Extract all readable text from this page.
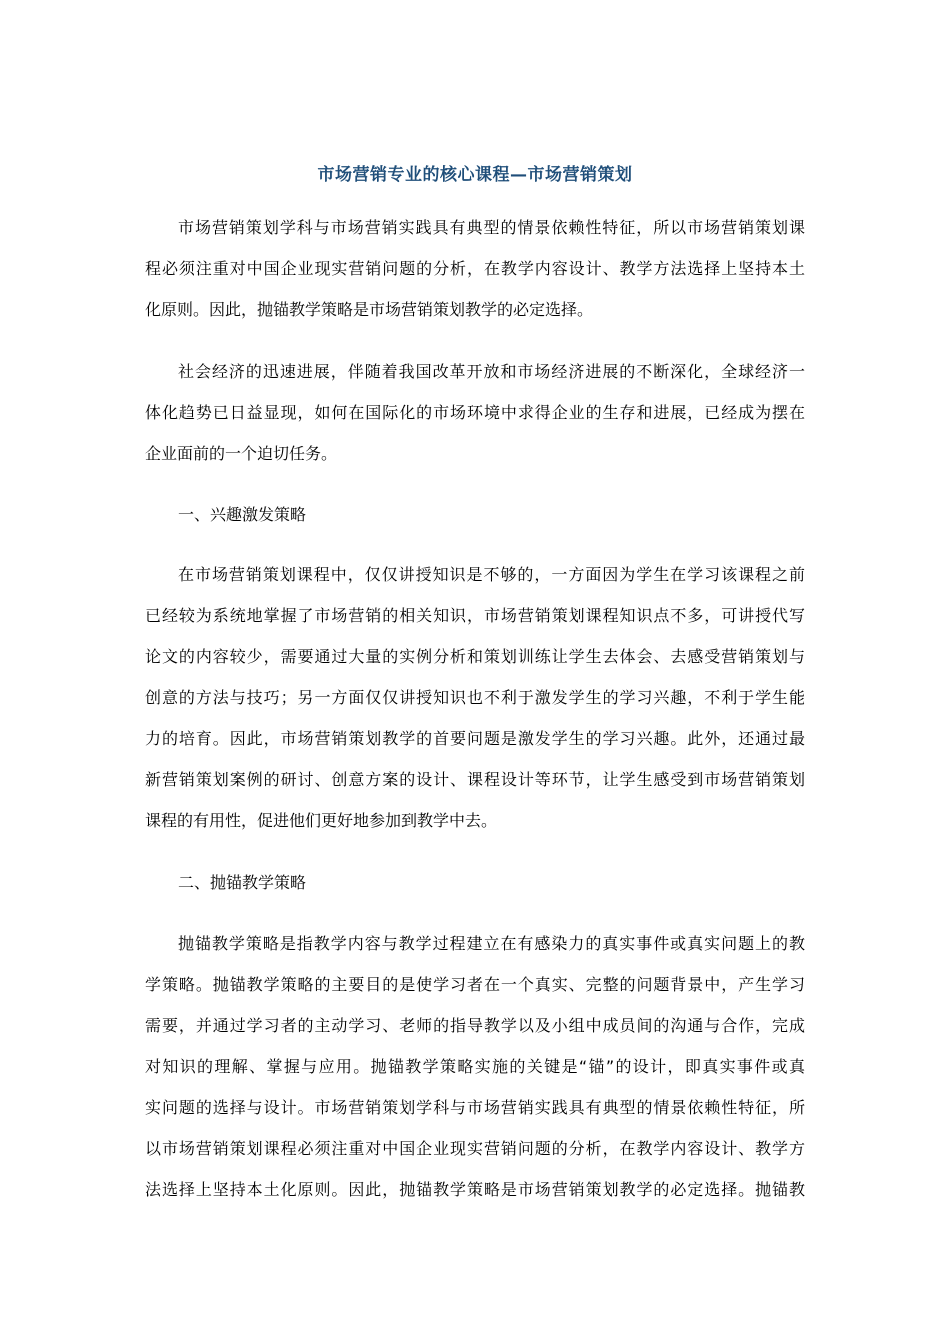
市场营销专业的核心课程—市场营销策划
市场营销策划学科与市场营销实践具有典型的情景依赖性特征，所以市场营销策划课
程必须注重对中国企业现实营销问题的分析，在教学内容设计、教学方法选择上坚持本土
化原则。因此，抛锚教学策略是市场营销策划教学的必定选择。
社会经济的迅速进展，伴随着我国改革开放和市场经济进展的不断深化，全球经济一
体化趋势已日益显现，如何在国际化的市场环境中求得企业的生存和进展，已经成为摆在
企业面前的一个迫切任务。
一、兴趣激发策略
在市场营销策划课程中，仅仅讲授知识是不够的，一方面因为学生在学习该课程之前
已经较为系统地掌握了市场营销的相关知识，市场营销策划课程知识点不多，可讲授代写
论文的内容较少，需要通过大量的实例分析和策划训练让学生去体会、去感受营销策划与
创意的方法与技巧；另一方面仅仅讲授知识也不利于激发学生的学习兴趣，不利于学生能
力的培育。因此，市场营销策划教学的首要问题是激发学生的学习兴趣。此外，还通过最
新营销策划案例的研讨、创意方案的设计、课程设计等环节，让学生感受到市场营销策划
课程的有用性，促进他们更好地参加到教学中去。
二、抛锚教学策略
抛锚教学策略是指教学内容与教学过程建立在有感染力的真实事件或真实问题上的教
学策略。抛锚教学策略的主要目的是使学习者在一个真实、完整的问题背景中，产生学习
需要，并通过学习者的主动学习、老师的指导教学以及小组中成员间的沟通与合作，完成
对知识的理解、掌握与应用。抛锚教学策略实施的关键是“锚”的设计，即真实事件或真
实问题的选择与设计。市场营销策划学科与市场营销实践具有典型的情景依赖性特征，所
以市场营销策划课程必须注重对中国企业现实营销问题的分析，在教学内容设计、教学方
法选择上坚持本土化原则。因此，抛锚教学策略是市场营销策划教学的必定选择。抛锚教
